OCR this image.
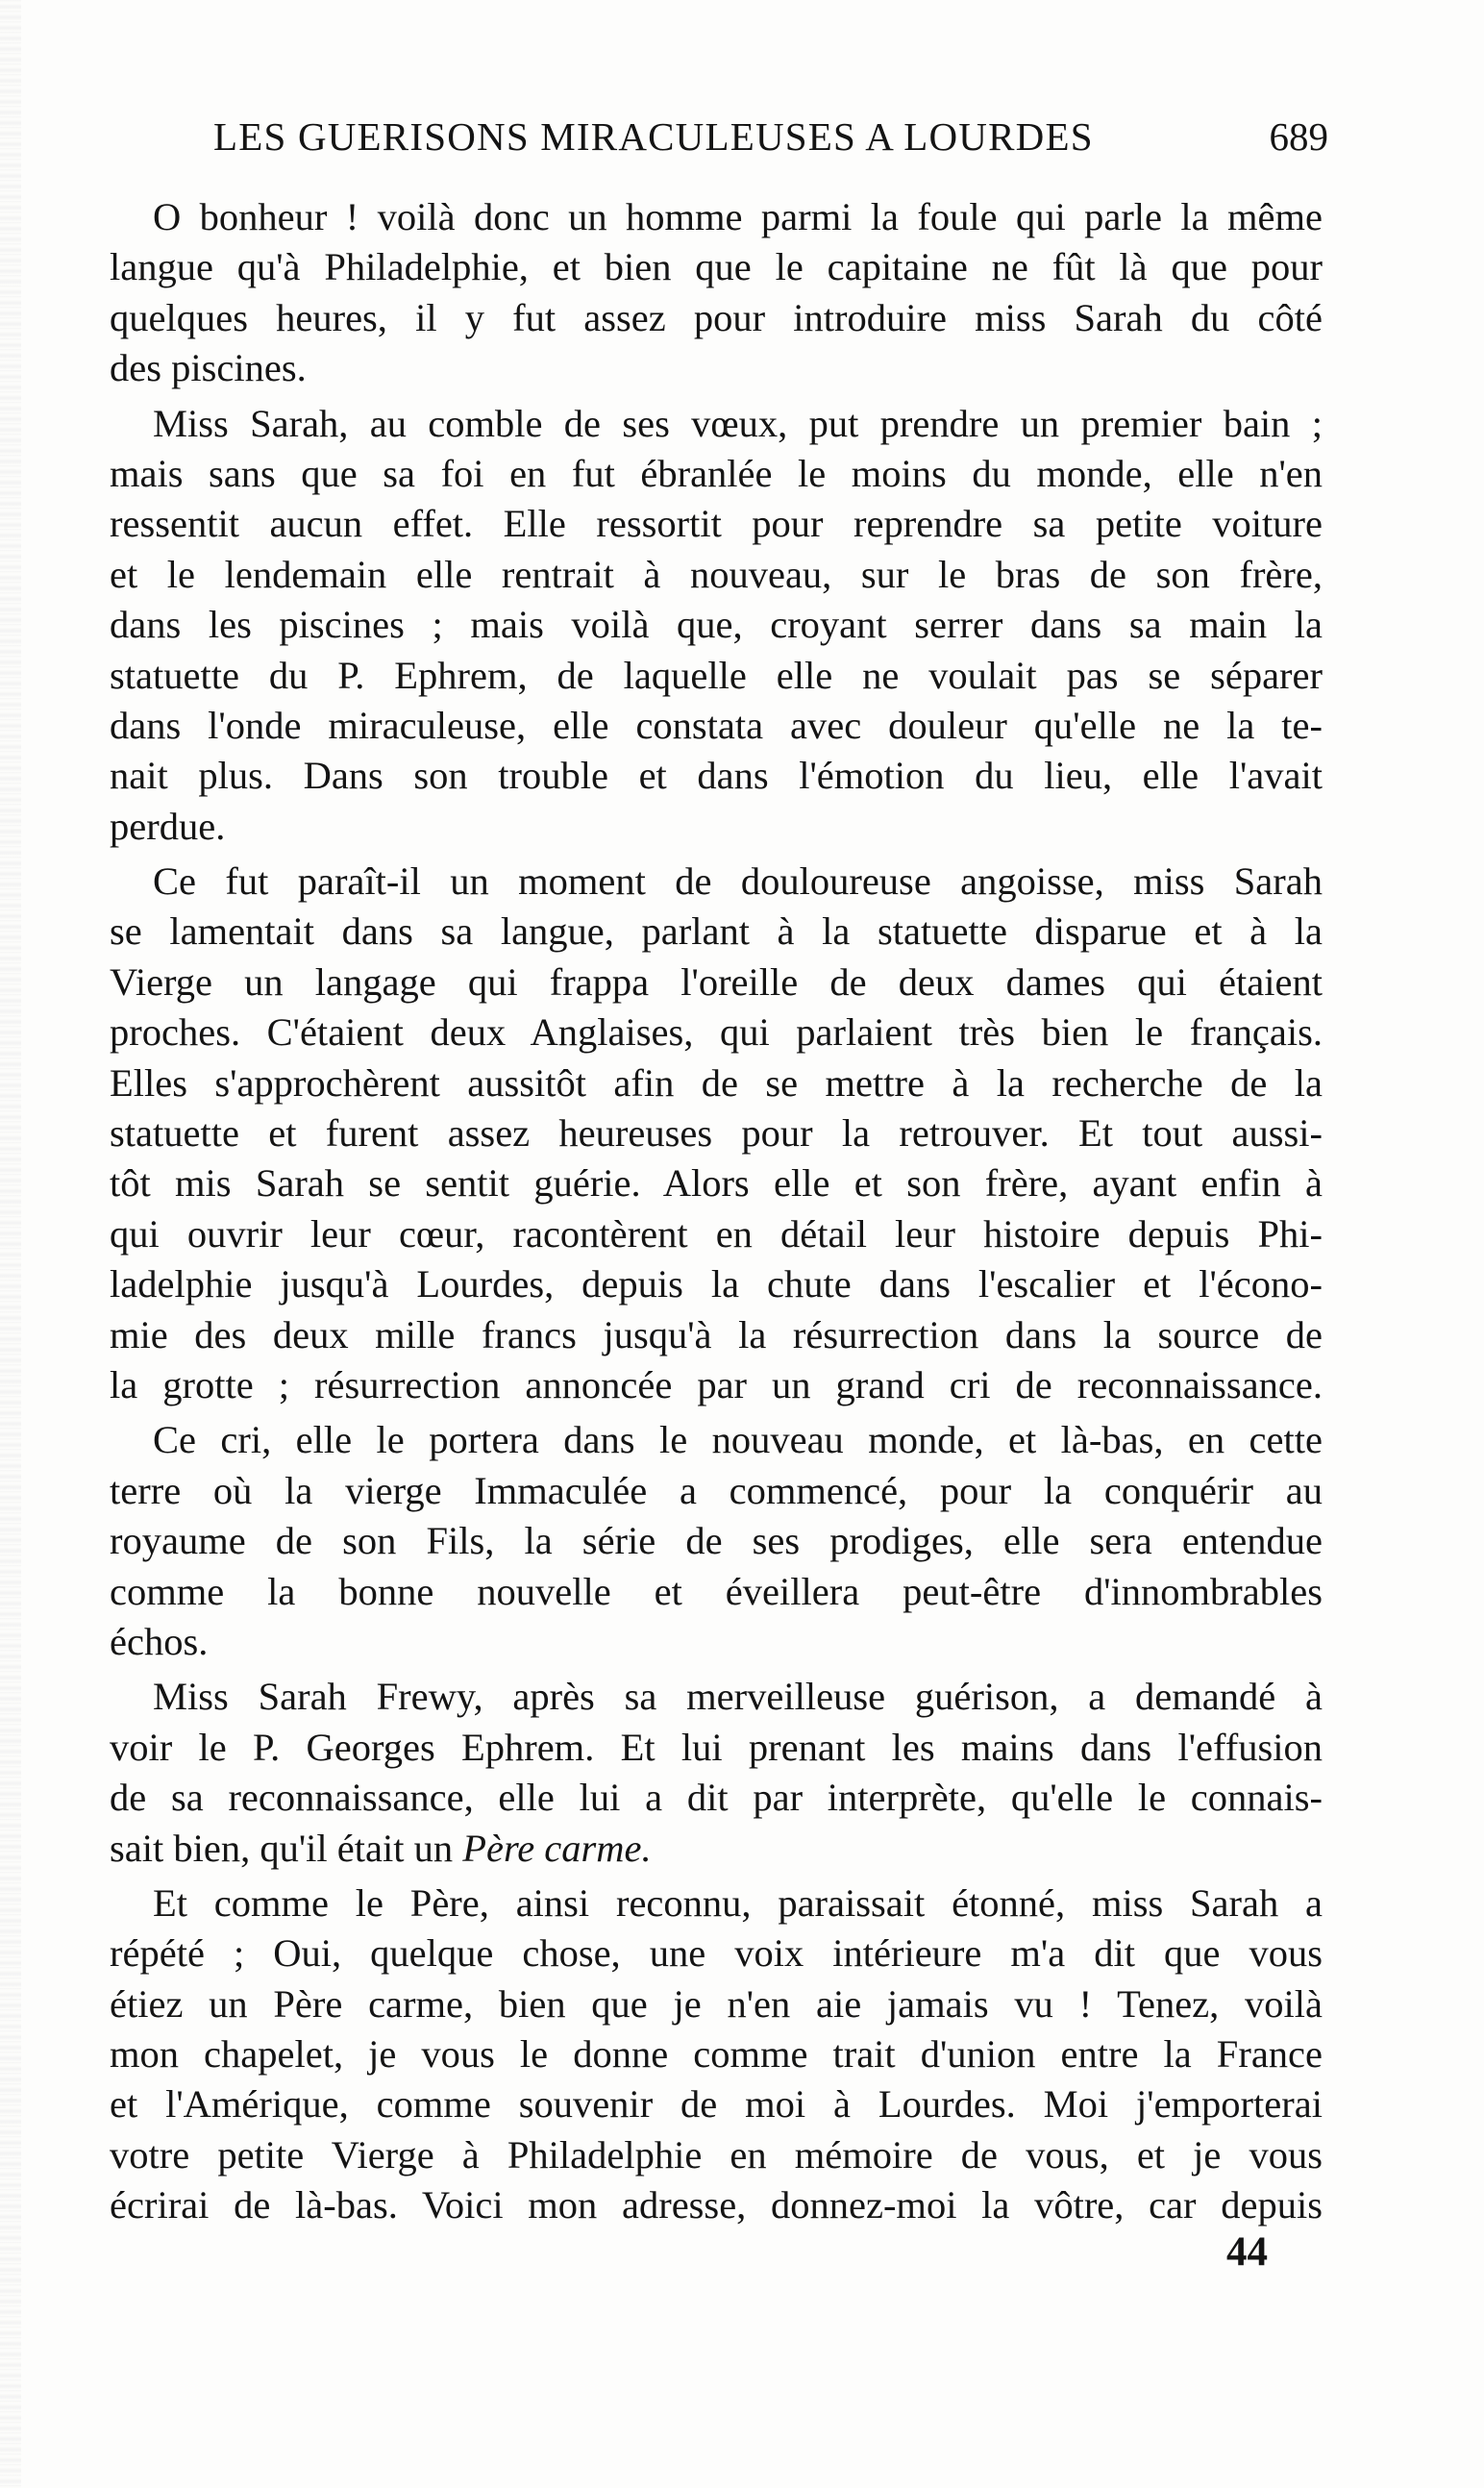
LES GUERISONS MIRACULEUSES A LOURDES	689
O bonheur ! voilà donc un homme parmi la foule qui parle la même
langue qu'à Philadelphie, et bien que le capitaine ne fût là que pour
quelques heures, il y fut assez pour introduire miss Sarah du côté
des piscines.
Miss Sarah, au comble de ses vœux, put prendre un premier bain ;
mais sans que sa foi en fut ébranlée le moins du monde, elle n'en
ressentit aucun effet. Elle ressortit pour reprendre sa petite voiture
et le lendemain elle rentrait à nouveau, sur le bras de son frère,
dans les piscines ; mais voilà que, croyant serrer dans sa main la
statuette du P. Ephrem, de laquelle elle ne voulait pas se séparer
dans l'onde miraculeuse, elle constata avec douleur qu'elle ne la te-
nait plus. Dans son trouble et dans l'émotion du lieu, elle l'avait
perdue.
Ce fut paraît-il un moment de douloureuse angoisse, miss Sarah
se lamentait dans sa langue, parlant à la statuette disparue et à la
Vierge un langage qui frappa l'oreille de deux dames qui étaient
proches. C'étaient deux Anglaises, qui parlaient très bien le français.
Elles s'approchèrent aussitôt afin de se mettre à la recherche de la
statuette et furent assez heureuses pour la retrouver. Et tout aussi-
tôt mis Sarah se sentit guérie. Alors elle et son frère, ayant enfin à
qui ouvrir leur cœur, racontèrent en détail leur histoire depuis Phi-
ladelphie jusqu'à Lourdes, depuis la chute dans l'escalier et l'écono-
mie des deux mille francs jusqu'à la résurrection dans la source de
la grotte ; résurrection annoncée par un grand cri de reconnaissance.
Ce cri, elle le portera dans le nouveau monde, et là-bas, en cette
terre où la vierge Immaculée a commencé, pour la conquérir au
royaume de son Fils, la série de ses prodiges, elle sera entendue
comme la bonne nouvelle et éveillera peut-être d'innombrables
échos.
Miss Sarah Frewy, après sa merveilleuse guérison, a demandé à
voir le P. Georges Ephrem. Et lui prenant les mains dans l'effusion
de sa reconnaissance, elle lui a dit par interprète, qu'elle le connais-
sait bien, qu'il était un Père carme.
Et comme le Père, ainsi reconnu, paraissait étonné, miss Sarah a
répété ; Oui, quelque chose, une voix intérieure m'a dit que vous
étiez un Père carme, bien que je n'en aie jamais vu ! Tenez, voilà
mon chapelet, je vous le donne comme trait d'union entre la France
et l'Amérique, comme souvenir de moi à Lourdes. Moi j'emporterai
votre petite Vierge à Philadelphie en mémoire de vous, et je vous
écrirai de là-bas. Voici mon adresse, donnez-moi la vôtre, car depuis
44
